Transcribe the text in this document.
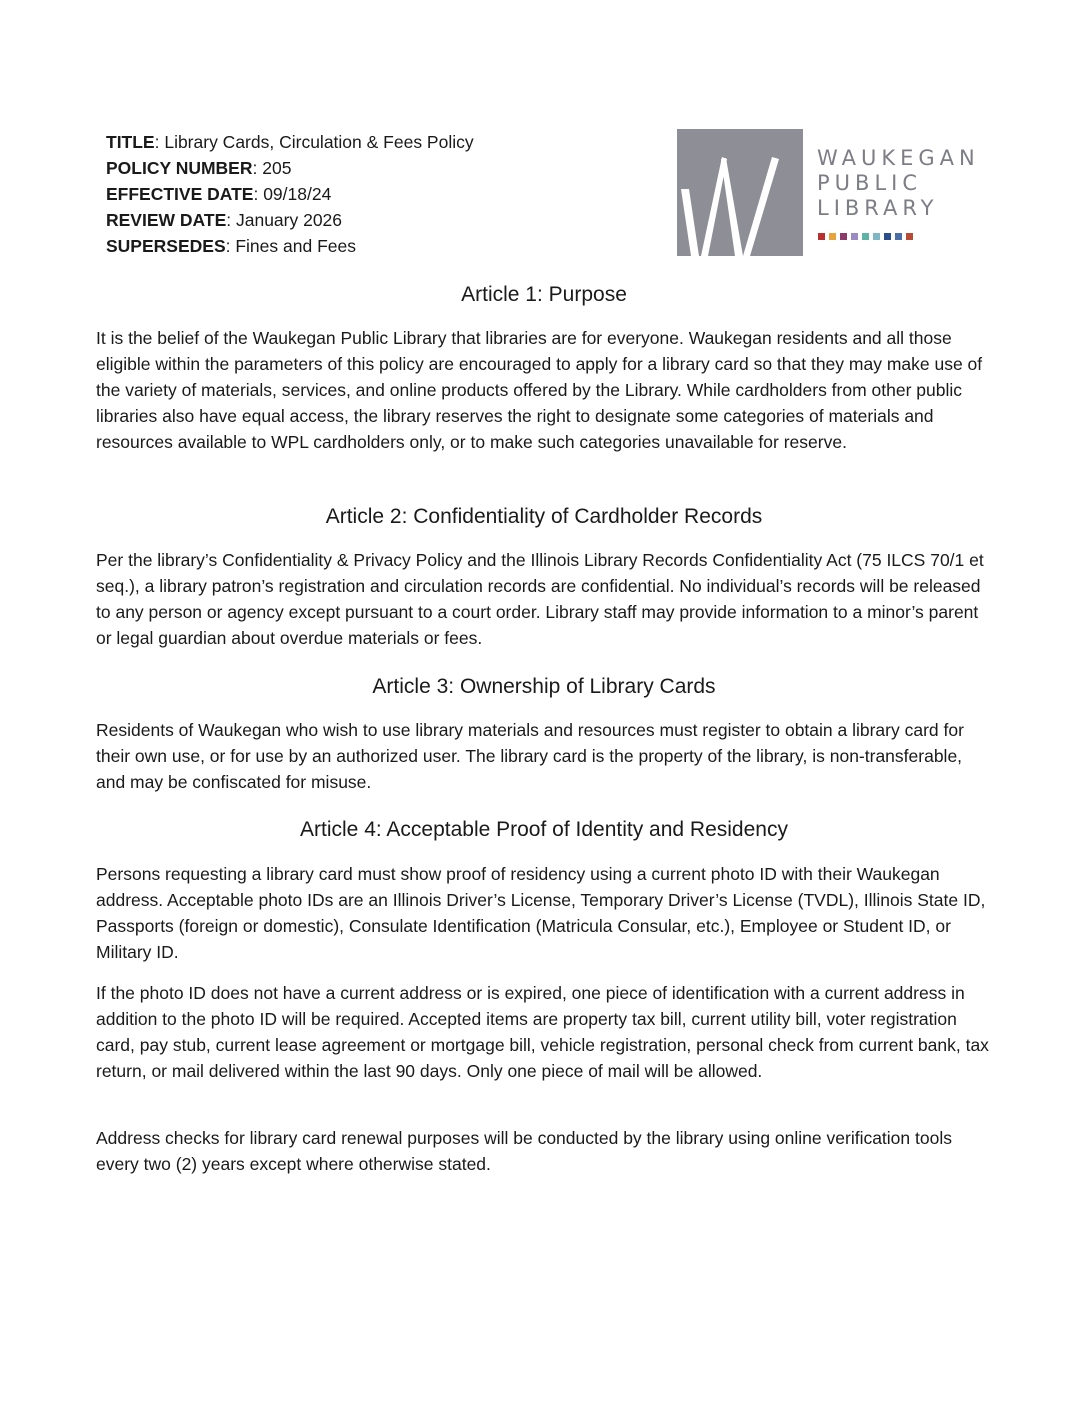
TITLE: Library Cards, Circulation & Fees Policy
POLICY NUMBER: 205
EFFECTIVE DATE: 09/18/24
REVIEW DATE: January 2026
SUPERSEDES: Fines and Fees
WAUKEGAN
PUBLIC
LIBRARY
Article 1: Purpose

It is the belief of the Waukegan Public Library that libraries are for everyone. Waukegan residents and all those eligible within the parameters of this policy are encouraged to apply for a library card so that they may make use of the variety of materials, services, and online products offered by the Library. While cardholders from other public libraries also have equal access, the library reserves the right to designate some categories of materials and resources available to WPL cardholders only, or to make such categories unavailable for reserve.

Article 2: Confidentiality of Cardholder Records

Per the library’s Confidentiality & Privacy Policy and the Illinois Library Records Confidentiality Act (75 ILCS 70/1 et seq.), a library patron’s registration and circulation records are confidential. No individual’s records will be released to any person or agency except pursuant to a court order. Library staff may provide information to a minor’s parent or legal guardian about overdue materials or fees.

Article 3: Ownership of Library Cards

Residents of Waukegan who wish to use library materials and resources must register to obtain a library card for their own use, or for use by an authorized user. The library card is the property of the library, is non-transferable, and may be confiscated for misuse.

Article 4: Acceptable Proof of Identity and Residency

Persons requesting a library card must show proof of residency using a current photo ID with their Waukegan address. Acceptable photo IDs are an Illinois Driver’s License, Temporary Driver’s License (TVDL), Illinois State ID, Passports (foreign or domestic), Consulate Identification (Matricula Consular, etc.), Employee or Student ID, or Military ID.

If the photo ID does not have a current address or is expired, one piece of identification with a current address in addition to the photo ID will be required. Accepted items are property tax bill, current utility bill, voter registration card, pay stub, current lease agreement or mortgage bill, vehicle registration, personal check from current bank, tax return, or mail delivered within the last 90 days. Only one piece of mail will be allowed.

Address checks for library card renewal purposes will be conducted by the library using online verification tools every two (2) years except where otherwise stated.
